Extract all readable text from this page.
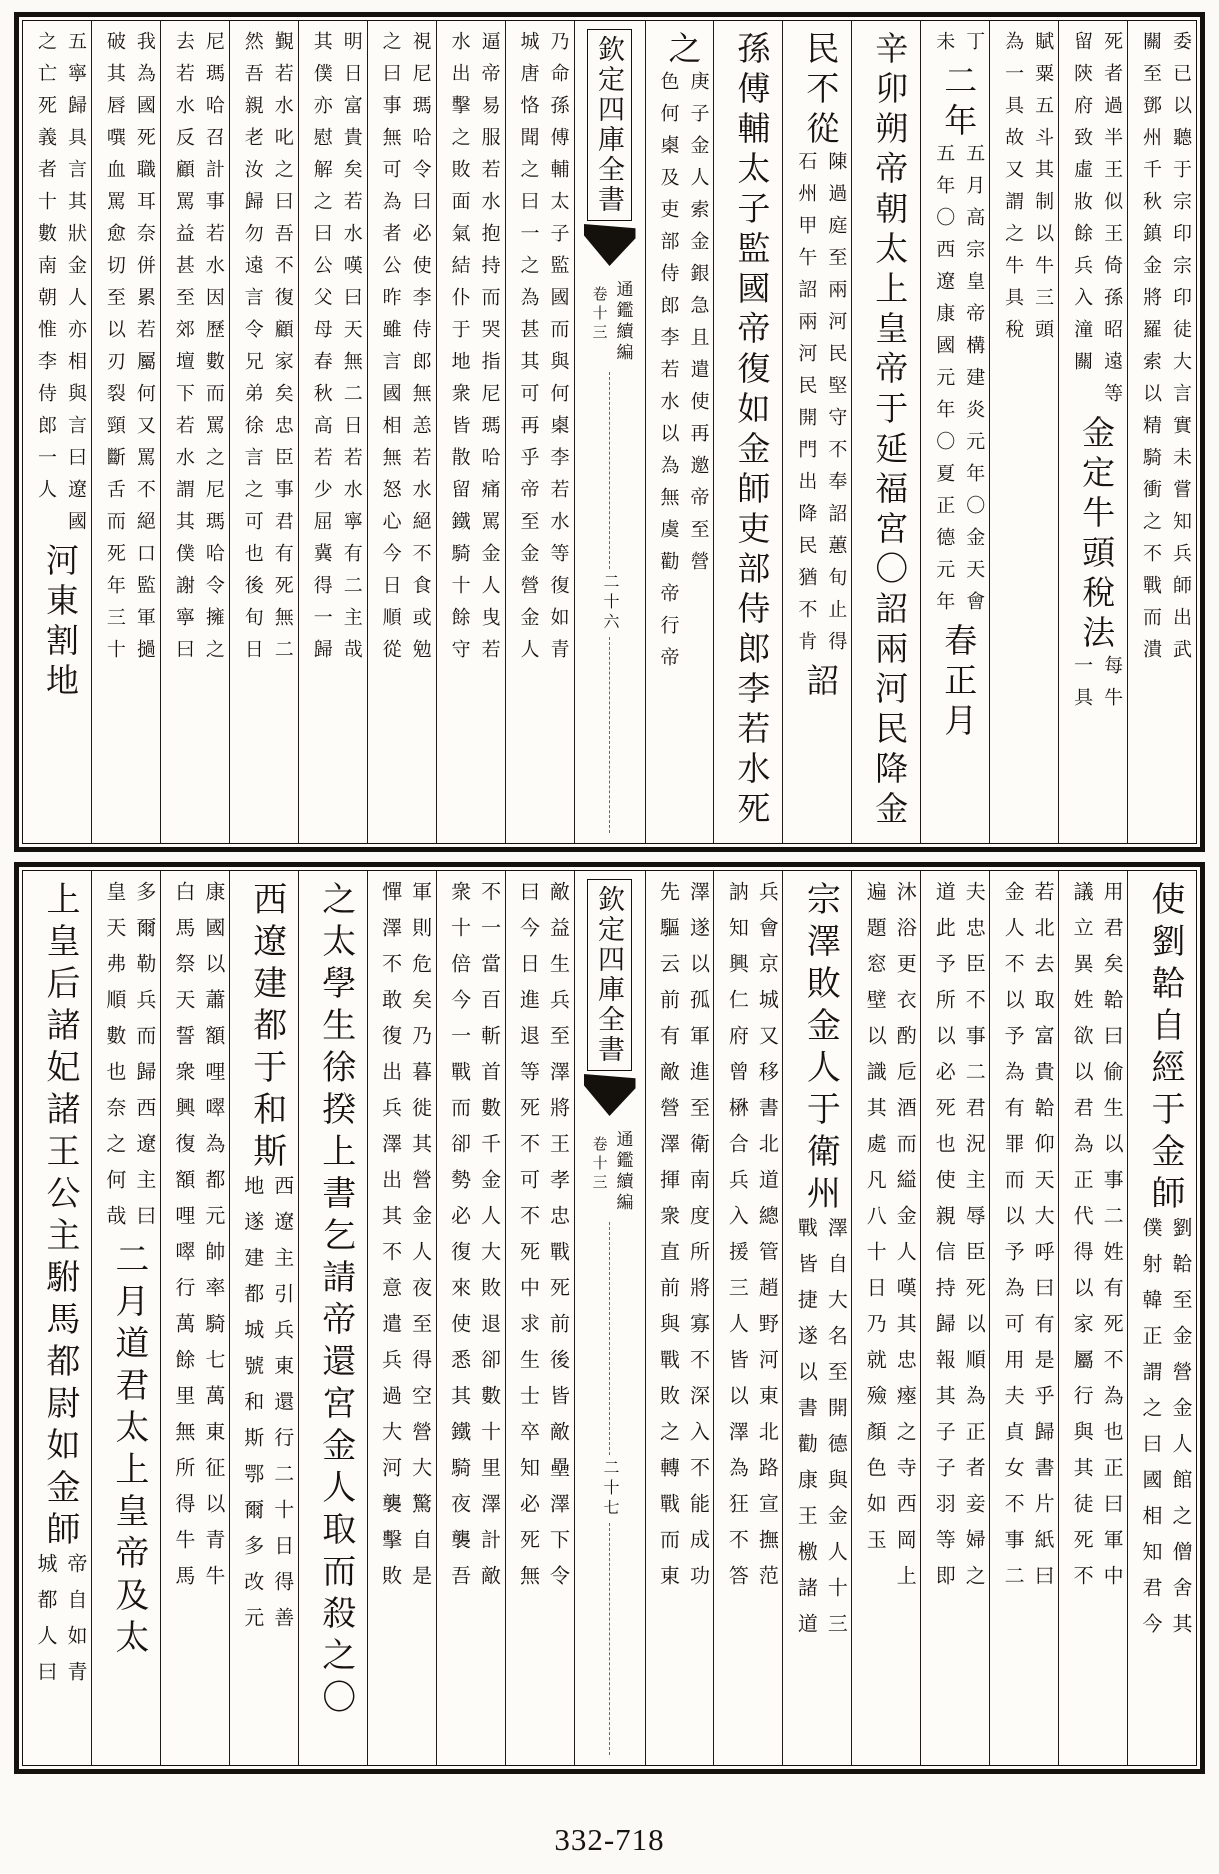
委已以聽于宗印宗印徒大言實未嘗知兵師出武
關至鄧州千秋鎮金將羅索以精騎衝之不戰而潰
死者過半王似王倚孫昭遠等
留陝府致虛妝餘兵入潼關
金定牛頭稅法
每牛
一具
賦粟五斗其制以牛三頭
為一具故又謂之牛具稅
丁
未
二年
五月高宗皇帝構建炎元年〇金天會
五年〇西遼康國元年〇夏正德元年
春正月
辛卯朔帝朝太上皇帝于延福宮〇詔兩河民降金
民不從
陳過庭至兩河民堅守不奉詔蕙旬止得
石州甲午詔兩河民開門出降民猶不肯
詔
孫傅輔太子監國帝復如金師吏部侍郎李若水死
之
庚子金人索金銀急且遣使再邀帝至營
色何㮚及吏部侍郎李若水以為無虞勸帝行帝
欽定四庫全書
通鑑續編
卷十三
二十六
乃命孫傅輔太子監國而與何㮚李若水等復如青
城唐恪聞之曰一之為甚其可再乎帝至金營金人
逼帝易服若水抱持而哭指尼瑪哈痛罵金人曳若
水出擊之敗面氣結仆于地衆皆散留鐵騎十餘守
視尼瑪哈令曰必使李侍郎無恙若水絕不食或勉
之曰事無可為者公昨雖言國相無怒心今日順從
明日富貴矣若水嘆曰天無二日若水寧有二主哉
其僕亦慰解之曰公父母春秋高若少屈冀得一歸
覲若水叱之曰吾不復顧家矣忠臣事君有死無二
然吾親老汝歸勿遠言令兄弟徐言之可也後旬日
尼瑪哈召計事若水因歷數而罵之尼瑪哈令擁之
去若水反顧罵益甚至郊壇下若水謂其僕謝寧曰
我為國死職耳奈併累若屬何又罵不絕口監軍撾
破其唇噀血罵愈切至以刃裂頸斷舌而死年三十
五寧歸具言其狀金人亦相與言曰遼國
之亡死義者十數南朝惟李侍郎一人
河東割地
使劉韐自經于金師
劉韐至金營金人館之僧舍其
僕射韓正謂之曰國相知君今
用君矣韐曰偷生以事二姓有死不為也正曰軍中
議立異姓欲以君為正代得以家屬行與其徒死不
若北去取富貴韐仰天大呼曰有是乎歸書片紙曰
金人不以予為有罪而以予為可用夫貞女不事二
夫忠臣不事二君況主辱臣死以順為正者妾婦之
道此予所以必死也使親信持歸報其子子羽等即
沐浴更衣酌卮酒而縊金人嘆其忠瘞之寺西岡上
遍題窓壁以識其處凡八十日乃就殮顏色如玉
宗澤敗金人于衛州
澤自大名至開德與金人十三
戰皆捷遂以書勸康王檄諸道
兵會京城又移書北道總管趙野河東北路宣撫范
訥知興仁府曾楙合兵入援三人皆以澤為狂不答
澤遂以孤軍進至衛南度所將寡不深入不能成功
先驅云前有敵營澤揮衆直前與戰敗之轉戰而東
欽定四庫全書
通鑑續編
卷十三
二十七
敵益生兵至澤將王孝忠戰死前後皆敵壘澤下令
曰今日進退等死不可不死中求生士卒知必死無
不一當百斬首數千金人大敗退卻數十里澤計敵
衆十倍今一戰而卻勢必復來使悉其鐵騎夜襲吾
軍則危矣乃暮徙其營金人夜至得空營大驚自是
憚澤不敢復出兵澤出其不意遣兵過大河襲擊敗
之太學生徐揆上書乞請帝還宮金人取而殺之〇
西遼建都于和斯
西遼主引兵東還行二十日得善
地遂建都城號和斯鄂爾多改元
康國以蕭額哩噿為都元帥率騎七萬東征以青牛
白馬祭天誓衆興復額哩噿行萬餘里無所得牛馬
多爾勒兵而歸西遼主曰
皇天弗順數也奈之何哉
二月道君太上皇帝及太
上皇后諸妃諸王公主駙馬都尉如金師
帝自如青
城都人曰
332-718
